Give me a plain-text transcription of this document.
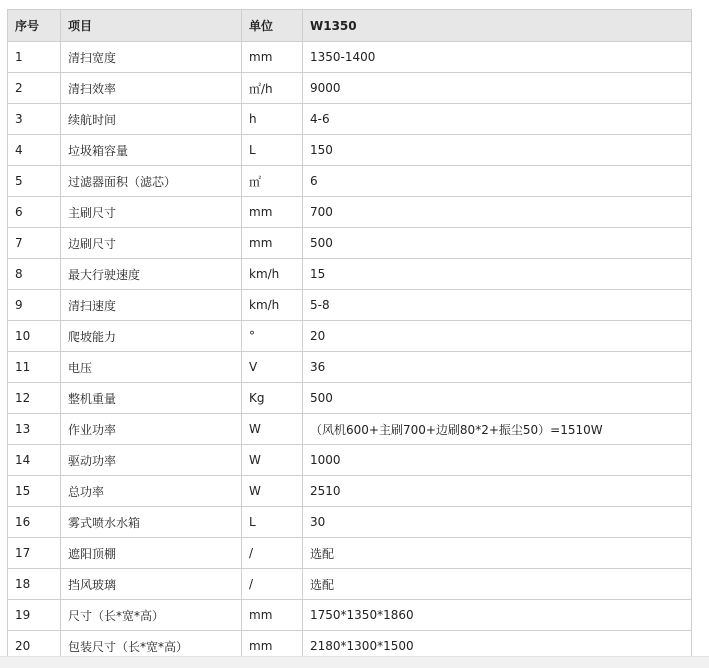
序号	项目	单位	W1350
1	清扫宽度	mm	1350-1400
2	清扫效率	㎡/h	9000
3	续航时间	h	4-6
4	垃圾箱容量	L	150
5	过滤器面积（滤芯）	㎡	6
6	主刷尺寸	mm	700
7	边刷尺寸	mm	500
8	最大行驶速度	km/h	15
9	清扫速度	km/h	5-8
10	爬坡能力	°	20
11	电压	V	36
12	整机重量	Kg	500
13	作业功率	W	（风机600+主刷700+边刷80*2+振尘50）=1510W
14	驱动功率	W	1000
15	总功率	W	2510
16	雾式喷水水箱	L	30
17	遮阳顶棚	/	选配
18	挡风玻璃	/	选配
19	尺寸（长*宽*高）	mm	1750*1350*1860
20	包装尺寸（长*宽*高）	mm	2180*1300*1500
